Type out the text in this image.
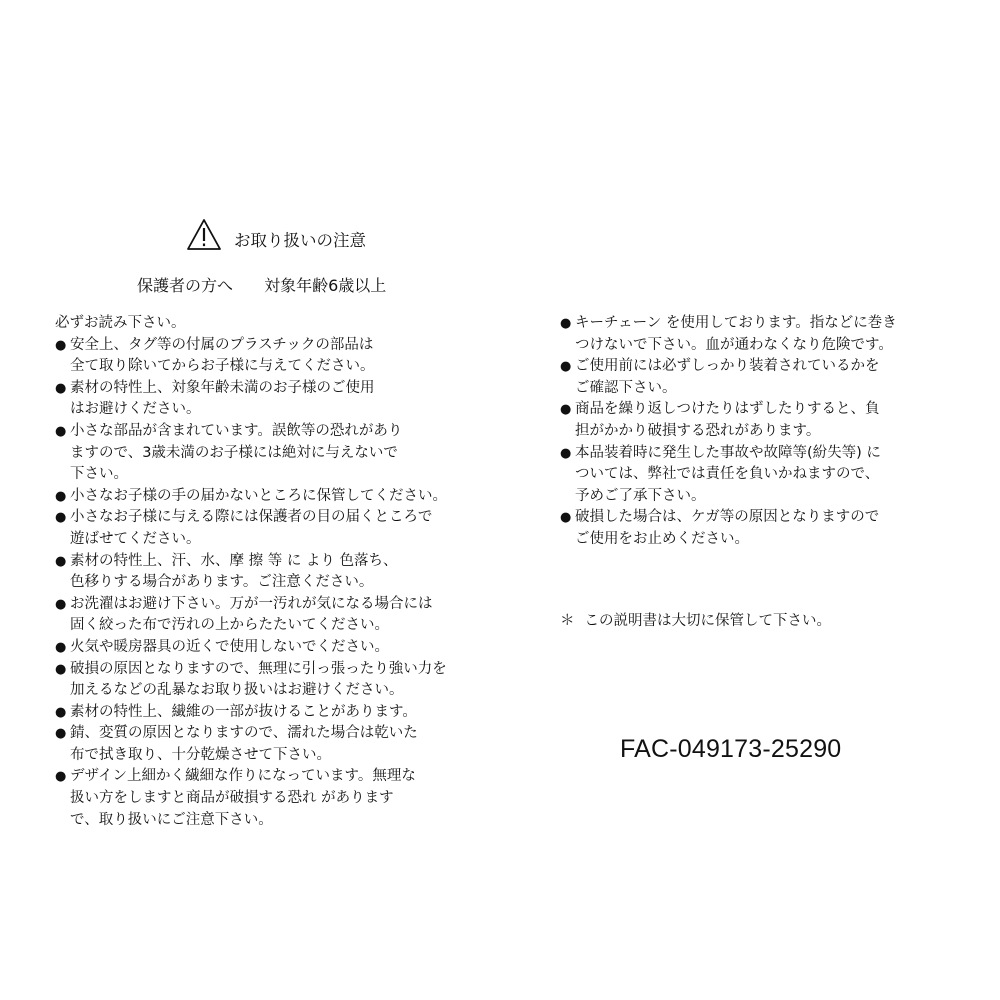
お取り扱いの注意
保護者の方へ 対象年齢6歳以上
必ずお読み下さい。
● 安全上、タグ等の付属のプラスチックの部品は
全て取り除いてからお子様に与えてください。
● 素材の特性上、対象年齢未満のお子様のご使用
はお避けください。
● 小さな部品が含まれています。誤飲等の恐れがあり
ますので、3歳未満のお子様には絶対に与えないで
下さい。
● 小さなお子様の手の届かないところに保管してください。
● 小さなお子様に与える際には保護者の目の届くところで
遊ばせてください。
● 素材の特性上、汗、水、摩 擦 等 に より 色落ち、
色移りする場合があります。ご注意ください。
● お洗濯はお避け下さい。万が一汚れが気になる場合には
固く絞った布で汚れの上からたたいてください。
● 火気や暖房器具の近くで使用しないでください。
● 破損の原因となりますので、無理に引っ張ったり強い力を
加えるなどの乱暴なお取り扱いはお避けください。
● 素材の特性上、繊維の一部が抜けることがあります。
● 錆、変質の原因となりますので、濡れた場合は乾いた
布で拭き取り、十分乾燥させて下さい。
● デザイン上細かく繊細な作りになっています。無理な
扱い方をしますと商品が破損する恐れ があります
で、取り扱いにご注意下さい。
● キーチェーン を使用しております。指などに巻き
つけないで下さい。血が通わなくなり危険です。
● ご使用前には必ずしっかり装着されているかを
ご確認下さい。
● 商品を繰り返しつけたりはずしたりすると、負
担がかかり破損する恐れがあります。
● 本品装着時に発生した事故や故障等(紛失等) に
ついては、弊社では責任を負いかねますので、
予めご了承下さい。
● 破損した場合は、ケガ等の原因となりますので
ご使用をお止めください。
＊ この説明書は大切に保管して下さい。
FAC-049173-25290
